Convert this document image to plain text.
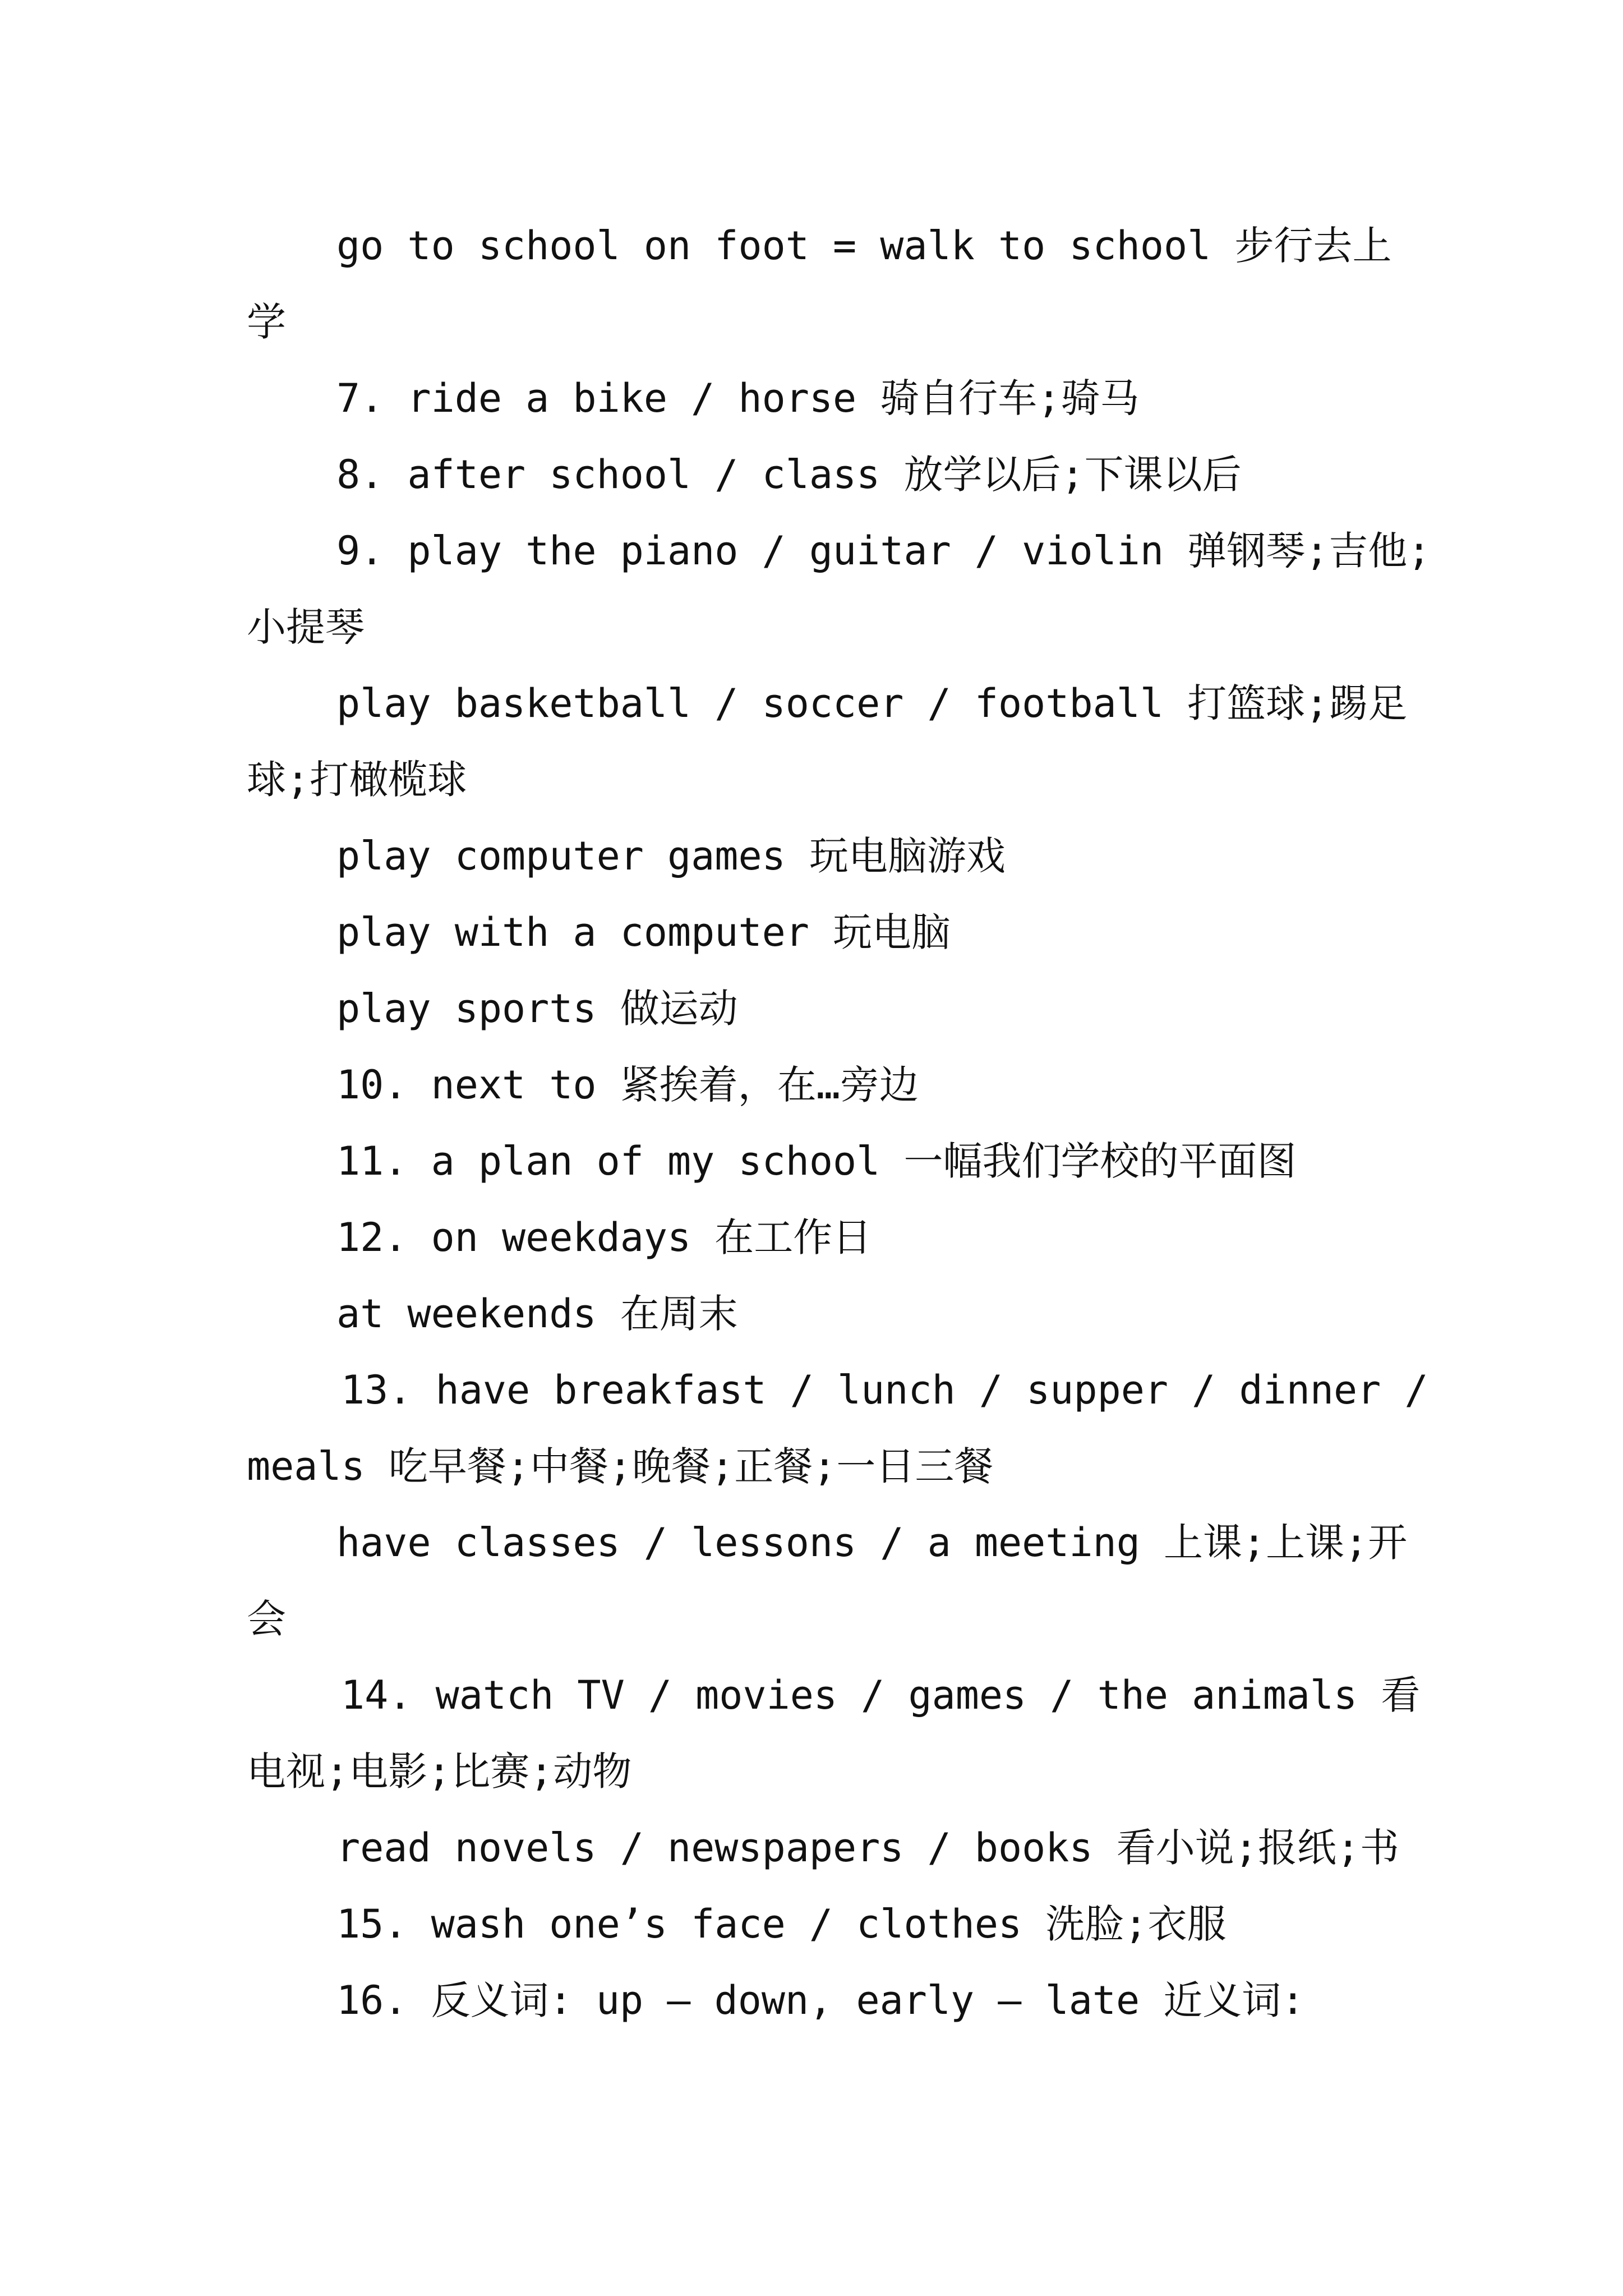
go to school on foot = walk to school 步行去上

学

7. ride a bike / horse 骑自行车;骑马

8. after school / class 放学以后;下课以后

9. play the piano / guitar / violin 弹钢琴;吉他;

小提琴

play basketball / soccer / football 打篮球;踢足

球;打橄榄球

play computer games 玩电脑游戏

play with a computer 玩电脑

play sports 做运动

10. next to 紧挨着，在…旁边

11. a plan of my school 一幅我们学校的平面图

12. on weekdays 在工作日

at weekends 在周末

13. have breakfast / lunch / supper / dinner /

meals 吃早餐;中餐;晚餐;正餐;一日三餐

have classes / lessons / a meeting 上课;上课;开

会

14. watch TV / movies / games / the animals 看

电视;电影;比赛;动物

read novels / newspapers / books 看小说;报纸;书

15. wash one’s face / clothes 洗脸;衣服

16. 反义词: up – down, early – late 近义词:
